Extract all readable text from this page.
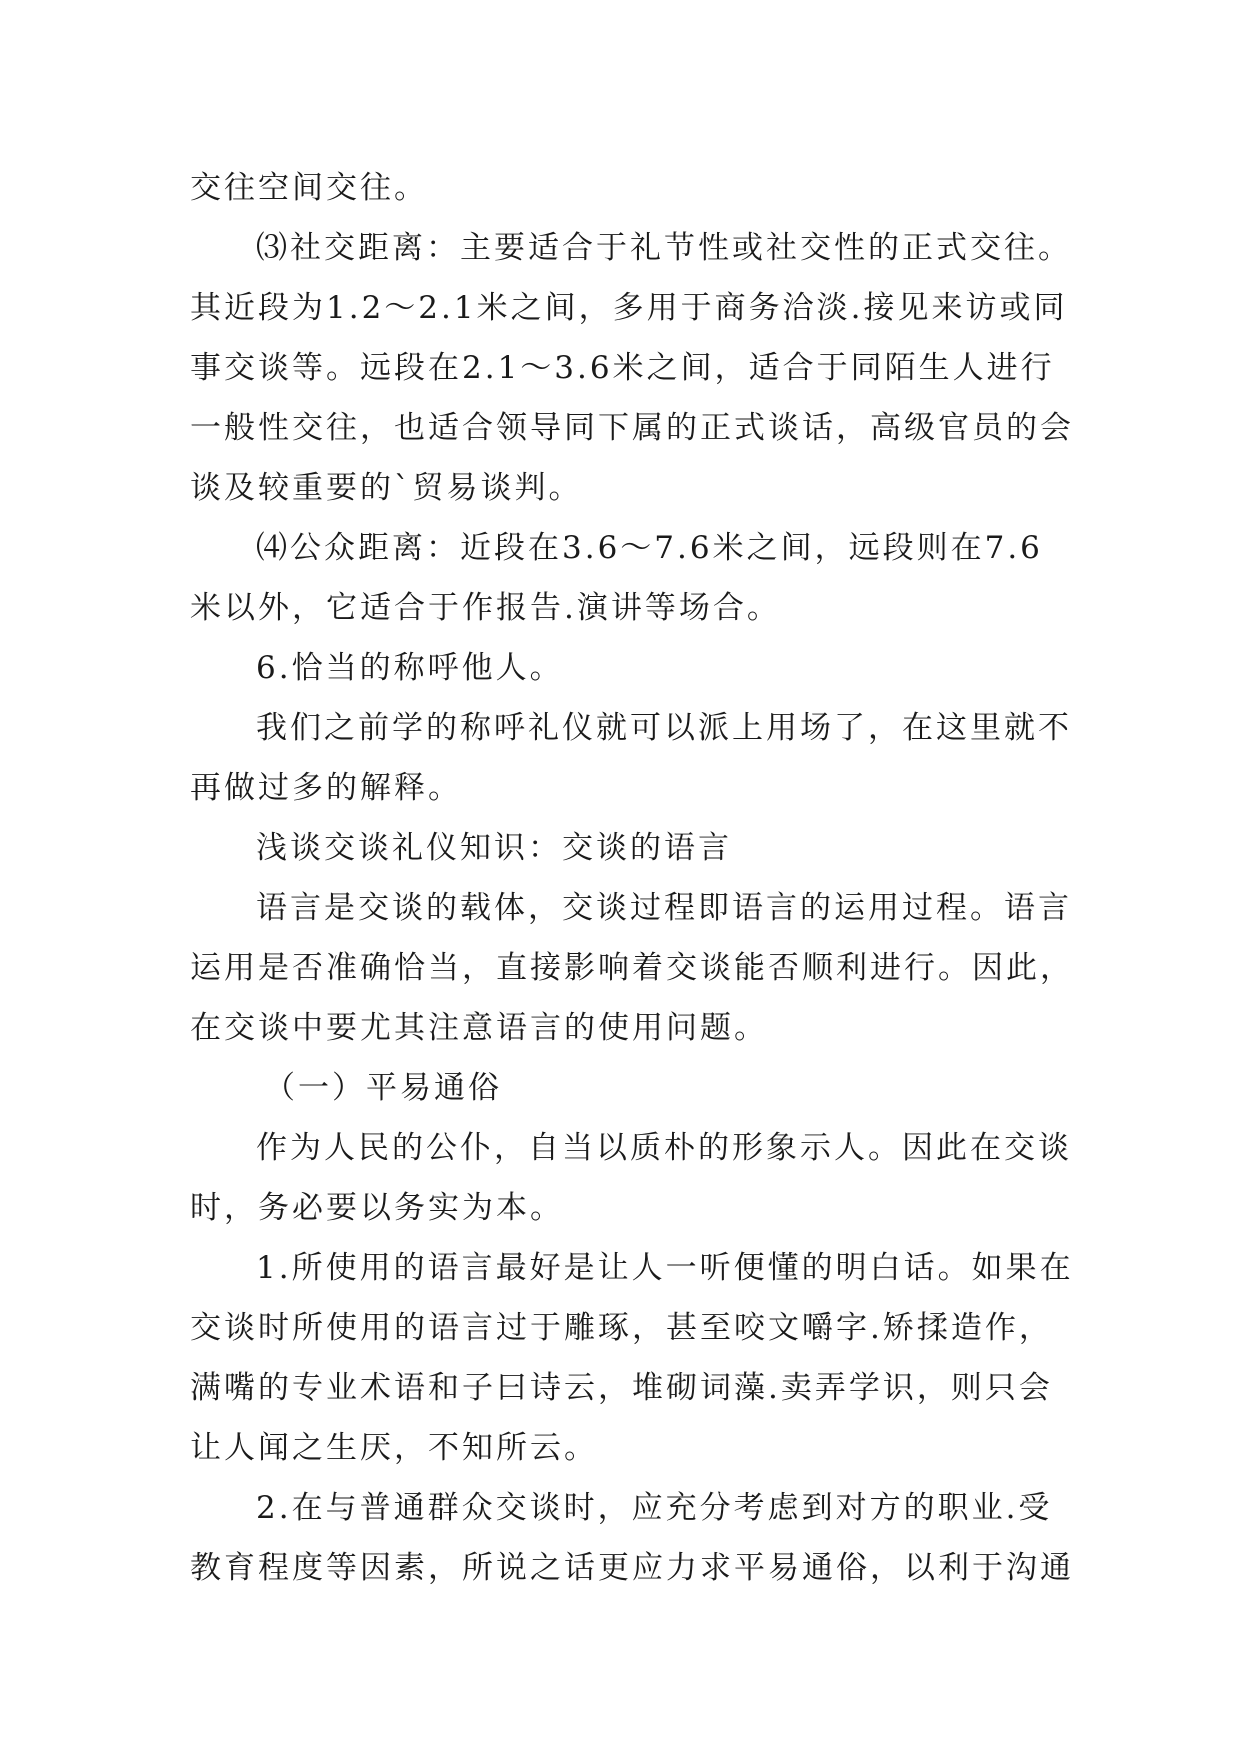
交往空间交往。
⑶社交距离：主要适合于礼节性或社交性的正式交往。
其近段为1.2～2.1米之间，多用于商务洽淡.接见来访或同
事交谈等。远段在2.1～3.6米之间，适合于同陌生人进行
一般性交往，也适合领导同下属的正式谈话，高级官员的会
谈及较重要的`贸易谈判。
⑷公众距离：近段在3.6～7.6米之间，远段则在7.6
米以外，它适合于作报告.演讲等场合。
6.恰当的称呼他人。
我们之前学的称呼礼仪就可以派上用场了，在这里就不
再做过多的解释。
浅谈交谈礼仪知识：交谈的语言
语言是交谈的载体，交谈过程即语言的运用过程。语言
运用是否准确恰当，直接影响着交谈能否顺利进行。因此，
在交谈中要尤其注意语言的使用问题。
（一）平易通俗
作为人民的公仆，自当以质朴的形象示人。因此在交谈
时，务必要以务实为本。
1.所使用的语言最好是让人一听便懂的明白话。如果在
交谈时所使用的语言过于雕琢，甚至咬文嚼字.矫揉造作，
满嘴的专业术语和子曰诗云，堆砌词藻.卖弄学识，则只会
让人闻之生厌，不知所云。
2.在与普通群众交谈时，应充分考虑到对方的职业.受
教育程度等因素，所说之话更应力求平易通俗，以利于沟通
